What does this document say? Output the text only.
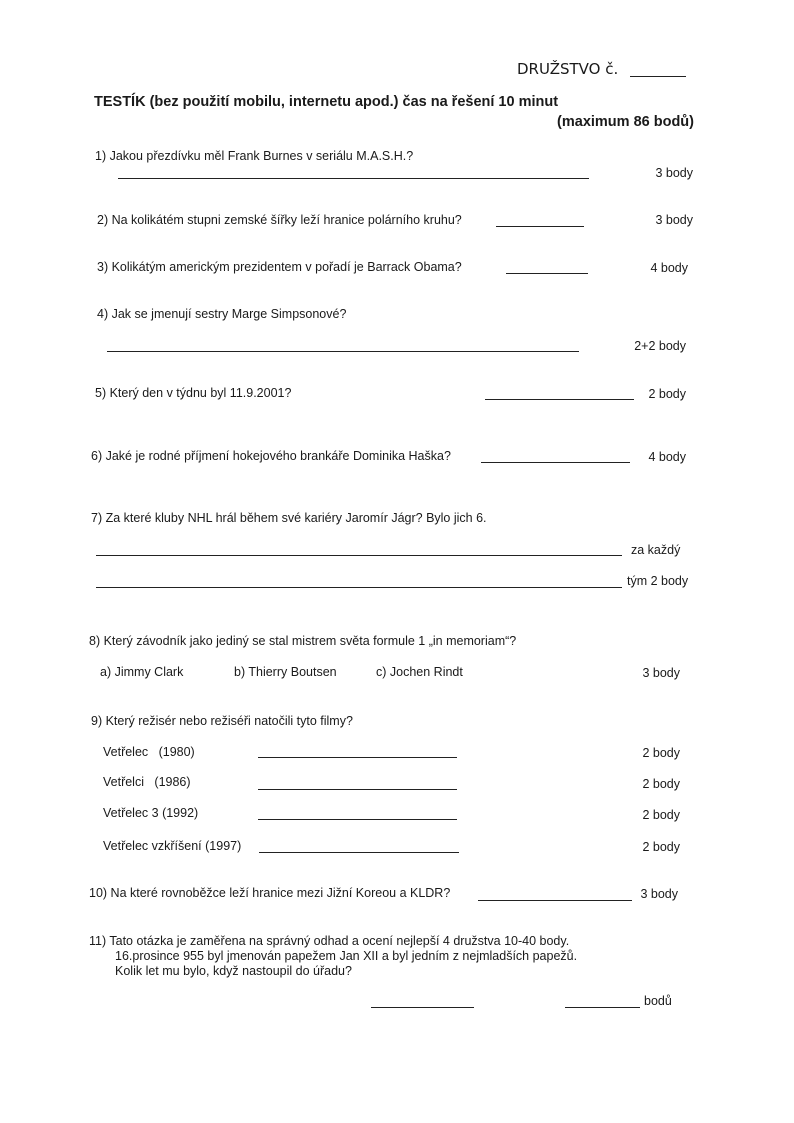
DRUŽSTVO č.
TESTÍK (bez použití mobilu, internetu apod.) čas na řešení 10 minut
(maximum 86 bodů)
1) Jakou přezdívku měl Frank Burnes v seriálu M.A.S.H.?
3 body
2) Na kolikátém stupni zemské šířky leží hranice polárního kruhu?	3 body
3) Kolikátým americkým prezidentem v pořadí je Barrack Obama?	4 body
4) Jak se jmenují sestry Marge Simpsonové?
2+2 body
5) Který den v týdnu byl 11.9.2001?	2 body
6) Jaké je rodné příjmení hokejového brankáře Dominika Haška?	4 body
7) Za které kluby NHL hrál během své kariéry Jaromír Jágr? Bylo jich 6.
za každý
tým 2 body
8) Který závodník jako jediný se stal mistrem světa formule 1 „in memoriam“?
a) Jimmy Clark	b) Thierry Boutsen	c) Jochen Rindt	3 body
9) Který režisér nebo režiséři natočili tyto filmy?
Vetřelec   (1980)	2 body
Vetřelci   (1986)	2 body
Vetřelec 3 (1992)	2 body
Vetřelec vzkříšení (1997)	2 body
10) Na které rovnoběžce leží hranice mezi Jižní Koreou a KLDR?	3 body
11) Tato otázka je zaměřena na správný odhad a ocení nejlepší 4 družstva 10-40 body.
16.prosince 955 byl jmenován papežem Jan XII a byl jedním z nejmladších papežů.
Kolik let mu bylo, když nastoupil do úřadu?
bodů
